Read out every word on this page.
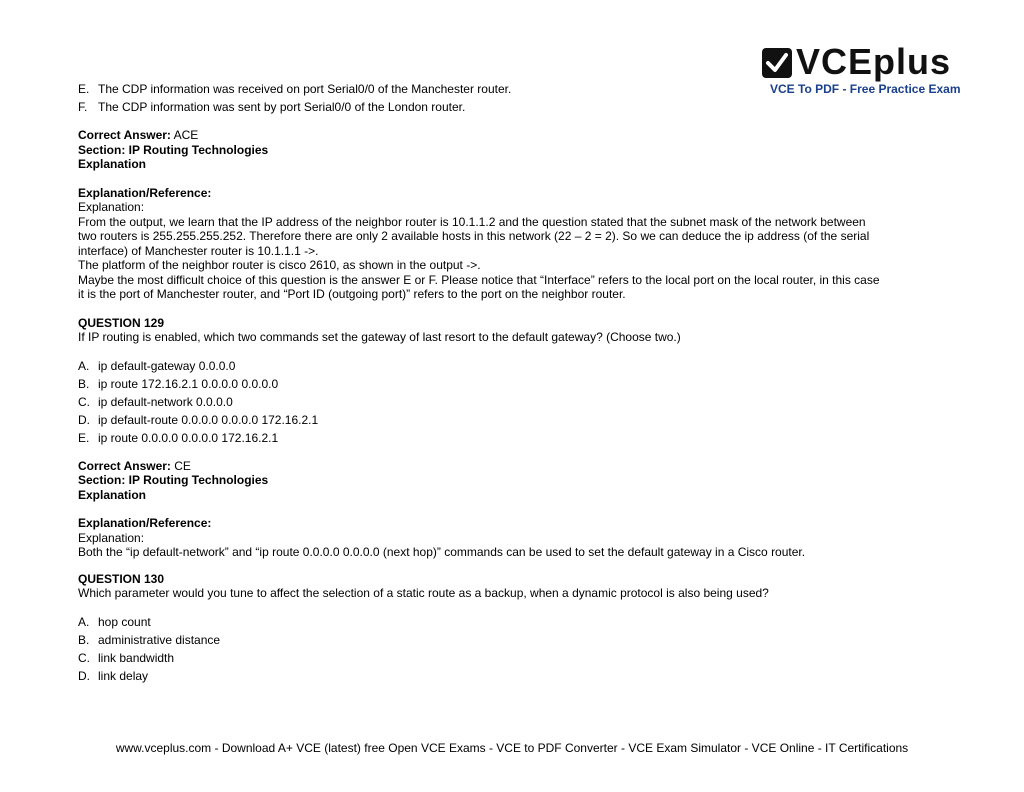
VCEplus
VCE To PDF - Free Practice Exam
E. The CDP information was received on port Serial0/0 of the Manchester router.
F. The CDP information was sent by port Serial0/0 of the London router.
Correct Answer: ACE
Section: IP Routing Technologies
Explanation
Explanation/Reference:
Explanation:
From the output, we learn that the IP address of the neighbor router is 10.1.1.2 and the question stated that the subnet mask of the network between
two routers is 255.255.255.252. Therefore there are only 2 available hosts in this network (22 – 2 = 2). So we can deduce the ip address (of the serial
interface) of Manchester router is 10.1.1.1 ->.
The platform of the neighbor router is cisco 2610, as shown in the output ->.
Maybe the most difficult choice of this question is the answer E or F. Please notice that “Interface” refers to the local port on the local router, in this case
it is the port of Manchester router, and “Port ID (outgoing port)” refers to the port on the neighbor router.
QUESTION 129
If IP routing is enabled, which two commands set the gateway of last resort to the default gateway? (Choose two.)
A. ip default-gateway 0.0.0.0
B. ip route 172.16.2.1 0.0.0.0 0.0.0.0
C. ip default-network 0.0.0.0
D. ip default-route 0.0.0.0 0.0.0.0 172.16.2.1
E. ip route 0.0.0.0 0.0.0.0 172.16.2.1
Correct Answer: CE
Section: IP Routing Technologies
Explanation
Explanation/Reference:
Explanation:
Both the “ip default-network” and “ip route 0.0.0.0 0.0.0.0 (next hop)” commands can be used to set the default gateway in a Cisco router.
QUESTION 130
Which parameter would you tune to affect the selection of a static route as a backup, when a dynamic protocol is also being used?
A. hop count
B. administrative distance
C. link bandwidth
D. link delay
www.vceplus.com - Download A+ VCE (latest) free Open VCE Exams - VCE to PDF Converter - VCE Exam Simulator - VCE Online - IT Certifications
